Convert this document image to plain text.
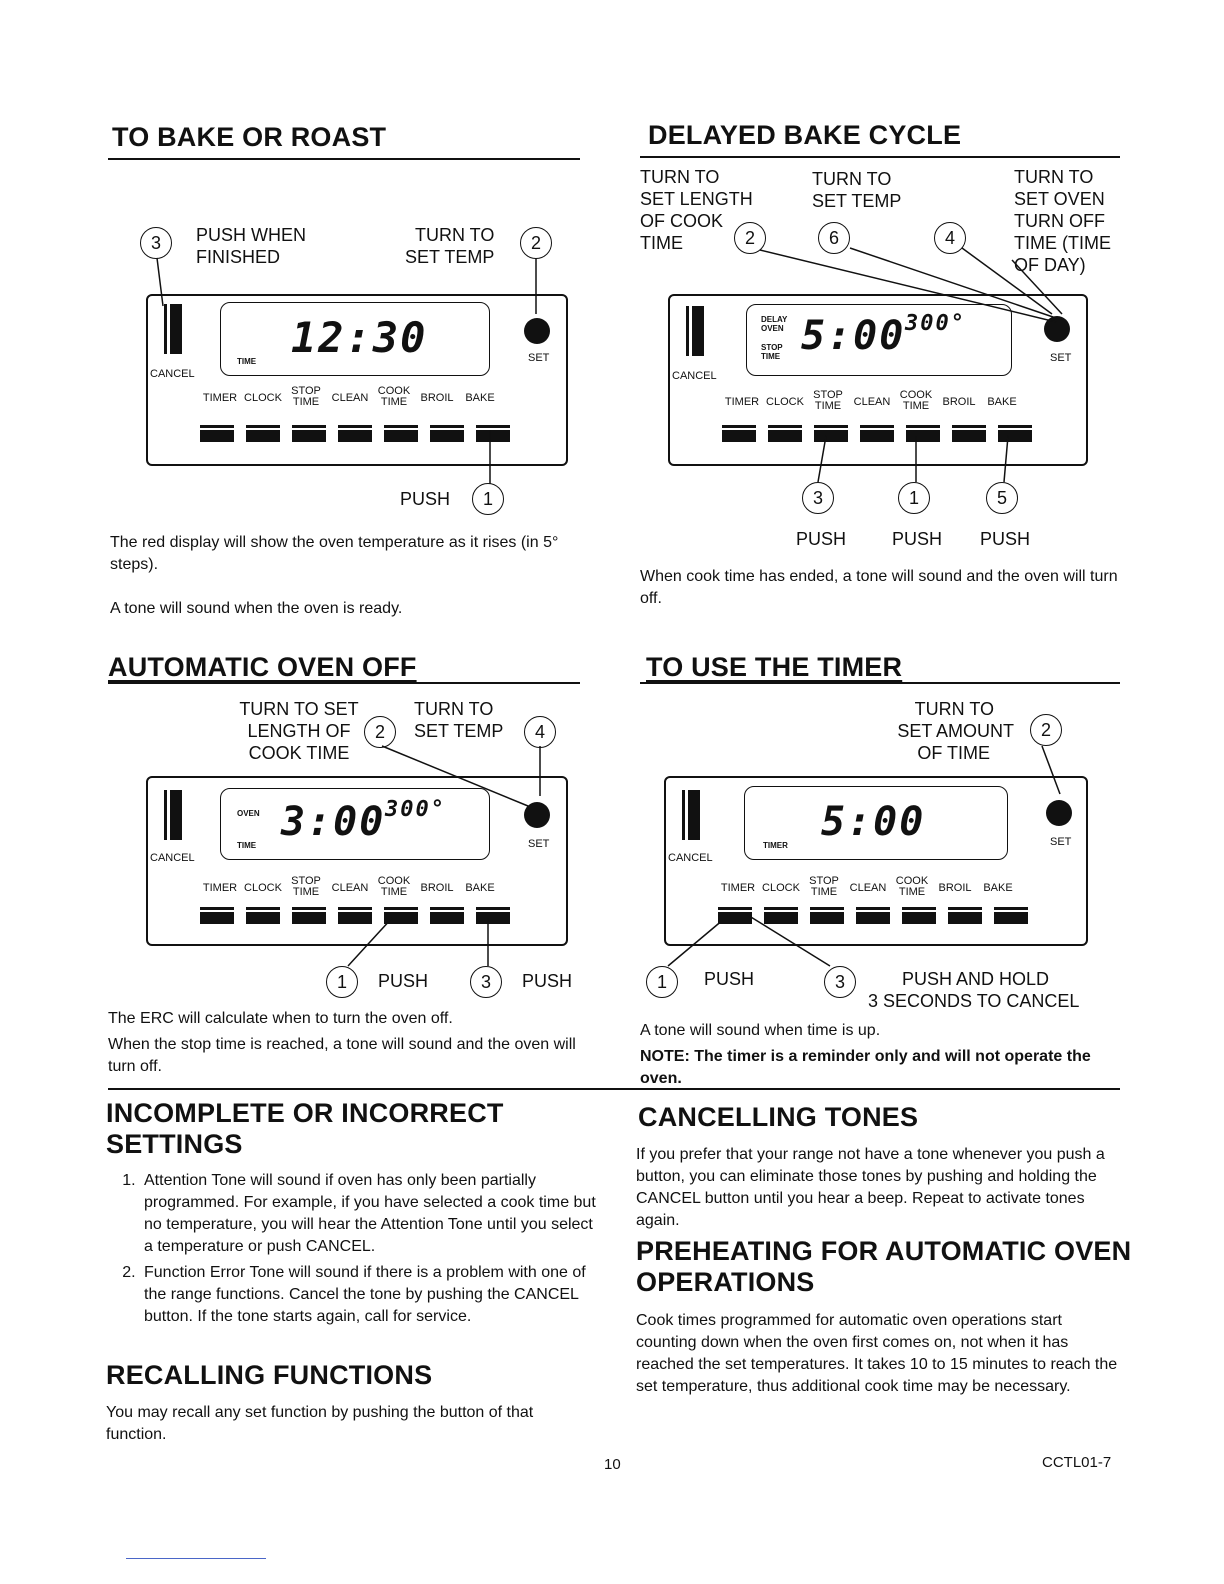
TO BAKE OR ROAST
3	PUSH WHEN
FINISHED
TURN TO
SET TEMP
2
CANCEL
TIME 12:30	SET
TIMER CLOCK
STOP
TIME	CLEAN
COOK
TIME	BROIL	BAKE
PUSH	1
The red display will show the oven temperature as it rises (in 5° steps).
A tone will sound when the oven is ready.
DELAYED BAKE CYCLE
TURN TO
SET LENGTH
OF COOK
TIME
TURN TO
SET TEMP
TURN TO
SET OVEN
TURN OFF
TIME (TIME
OF DAY)
2	6	4
CANCEL
DELAY
OVEN
STOP
TIME 5:00 300°
SET
TIMER CLOCK
STOP
TIME	CLEAN
COOK
TIME	BROIL	BAKE
3	1	5
PUSH	PUSH PUSH
When cook time has ended, a tone will sound and the oven will turn off.
AUTOMATIC OVEN OFF
TURN TO SET
LENGTH OF
COOK TIME
2
TURN TO
SET TEMP	4
CANCEL
OVEN
TIME
3:00 300°
SET
TIMER CLOCK
STOP
TIME	CLEAN
COOK
TIME	BROIL	BAKE
1	PUSH	3	PUSH
The ERC will calculate when to turn the oven off.
When the stop time is reached, a tone will sound and the oven will turn off.
TO USE THE TIMER
TURN TO
SET AMOUNT
OF TIME
2
CANCEL
TIMER
5:00	SET
TIMER CLOCK
STOP
TIME	CLEAN
COOK
TIME	BROIL	BAKE
1	PUSH	3	PUSH AND HOLD
3 SECONDS TO CANCEL
A tone will sound when time is up.
NOTE: The timer is a reminder only and will not operate the oven.
INCOMPLETE OR INCORRECT
SETTINGS
1. Attention Tone will sound if oven has only been partially programmed. For example, if you have selected a cook time but no temperature, you will hear the Attention Tone until you select a temperature or push CANCEL.
2. Function Error Tone will sound if there is a problem with one of the range functions. Cancel the tone by pushing the CANCEL button. If the tone starts again, call for service.
RECALLING FUNCTIONS
You may recall any set function by pushing the button of that function.
CANCELLING TONES
If you prefer that your range not have a tone whenever you push a button, you can eliminate those tones by pushing and holding the CANCEL button until you hear a beep. Repeat to activate tones again.
PREHEATING FOR AUTOMATIC OVEN
OPERATIONS
Cook times programmed for automatic oven operations start counting down when the oven first comes on, not when it has reached the set temperatures. It takes 10 to 15 minutes to reach the set temperature, thus additional cook time may be necessary.
10	CCTL01-7
